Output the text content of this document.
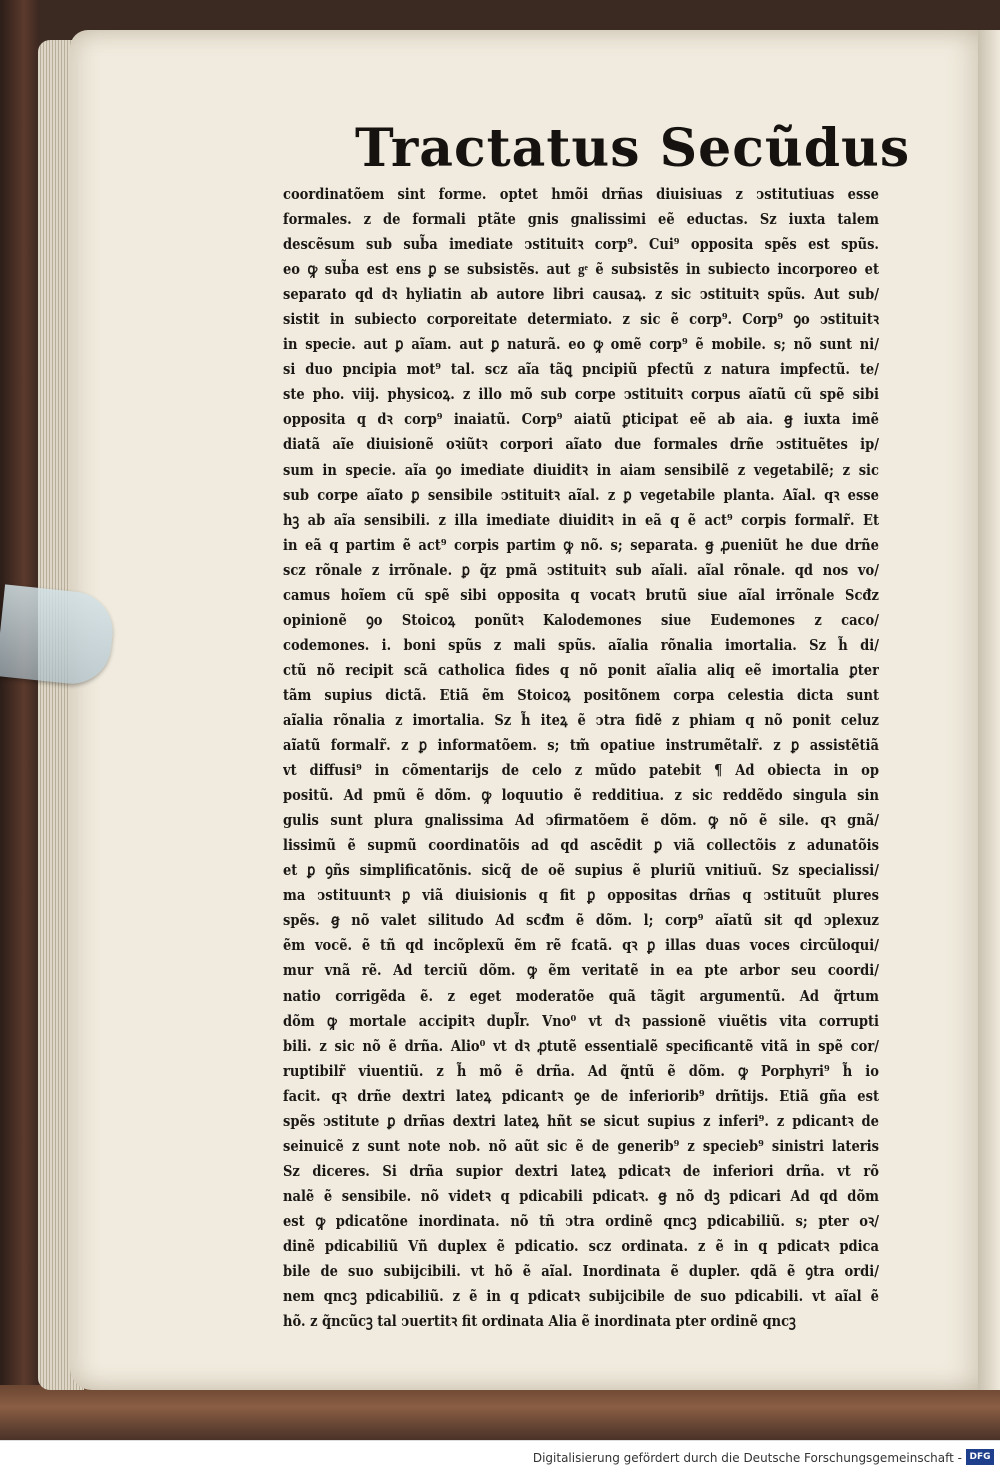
Tractatus Secũdus
coordinatõem sint forme. optet hmõi drñas diuisiuas z ↄstitutiuas esse
formales. z de formali ptãte gnis gnalissimi eẽ eductas. Sz iuxta talem
descẽsum sub sub̃a imediate ↄstituitꝛ corp⁹. Cui⁹ opposita spẽs est spũs.
eo ꝙ sub̃a est ens ꝑ se subsistẽs. aut gͤ ẽ subsistẽs in subiecto incorporeo et
separato qd dꝛ hyliatin ab autore libri causaꝝ. z sic ↄstituitꝛ spũs. Aut sub/
sistit in subiecto corporeitate determiato. z sic ẽ corp⁹. Corp⁹ ꝯo ↄstituitꝛ
in specie. aut ꝑ aĩam. aut ꝑ naturã. eo ꝙ omẽ corp⁹ ẽ mobile. s; nõ sunt ni/
si duo pncipia mot⁹ tal. scz aĩa tãꝗ pncipiũ pfectũ z natura impfectũ. te/
ste pho. viij. physicoꝝ. z illo mõ sub corpe ↄstituitꝛ corpus aĩatũ cũ spẽ sibi
opposita q dꝛ corp⁹ inaiatũ. Corp⁹ aiatũ ꝑticipat eẽ ab aia. ꞡ iuxta imẽ
diatã aĩe diuisionẽ oꝛiũtꝛ corpori aĩato due formales drñe ↄstituẽtes ip/
sum in specie. aĩa ꝯo imediate diuiditꝛ in aiam sensibilẽ z vegetabilẽ; z sic
sub corpe aĩato ꝑ sensibile ↄstituitꝛ aĩal. z ꝑ vegetabile planta. Aĩal. qꝛ esse
hꝫ ab aĩa sensibili. z illa imediate diuiditꝛ in eã q ẽ act⁹ corpis formalr̃. Et
in eã q partim ẽ act⁹ corpis partim ꝙ nõ. s; separata. ꞡ ꝓueniũt he due drñe
scz rõnale z irrõnale. ꝑ q̃z pmã ↄstituitꝛ sub aĩali. aĩal rõnale. qd nos vo/
camus hoĩem cũ spẽ sibi opposita q vocatꝛ brutũ siue aĩal irrõnale Scđz
opinionẽ ꝯo Stoicoꝝ ponũtꝛ Kalodemones siue Eudemones z caco/
codemones. i. boni spũs z mali spũs. aĩalia rõnalia imortalia. Sz h̃ di/
ctũ nõ recipit scã catholica fides q nõ ponit aĩalia aliq eẽ imortalia ꝑter
tãm supius dictã. Etiã ẽm Stoicoꝝ positõnem corpa celestia dicta sunt
aĩalia rõnalia z imortalia. Sz h̃ iteꝝ ẽ ↄtra fidẽ z phiam q nõ ponit celuz
aĩatũ formalr̃. z ꝑ informatõem. s; tm̃ opatiue instrumẽtalr̃. z ꝑ assistẽtiã
vt diffusi⁹ in cõmentarijs de celo z mũdo patebit ¶ Ad obiecta in op
positũ. Ad pmũ ẽ dõm. ꝙ loquutio ẽ redditiua. z sic reddẽdo singula sin
gulis sunt plura gnalissima Ad ↄfirmatõem ẽ dõm. ꝙ nõ ẽ sile. qꝛ gnã/
lissimũ ẽ supmũ coordinatõis ad qd ascẽdit ꝑ viã collectõis z adunatõis
et ꝑ ꝯñs simplificatõnis. sicq̃ de oẽ supius ẽ pluriũ vnitiuũ. Sz specialissi/
ma ↄstituuntꝛ ꝑ viã diuisionis q fit ꝑ oppositas drñas q ↄstituũt plures
spẽs. ꞡ nõ valet silitudo Ad scđm ẽ dõm. l; corp⁹ aĩatũ sit qd ↄplexuz
ẽm vocẽ. ẽ tñ qd incõplexũ ẽm rẽ fcatã. qꝛ ꝑ illas duas voces circũloqui/
mur vnã rẽ. Ad terciũ dõm. ꝙ ẽm veritatẽ in ea pte arbor seu coordi/
natio corrigẽda ẽ. z eget moderatõe quã tãgit argumentũ. Ad q̃rtum
dõm ꝙ mortale accipitꝛ dupl̃r. Vno⁰ vt dꝛ passionẽ viuẽtis vita corrupti
bili. z sic nõ ẽ drña. Alio⁰ vt dꝛ ꝓtutẽ essentialẽ specificantẽ vitã in spẽ cor/
ruptibilr̃ viuentiũ. z h̃ mõ ẽ drña. Ad q̃ntũ ẽ dõm. ꝙ Porphyri⁹ h̃ io
facit. qꝛ drñe dextri lateꝝ pdicantꝛ ꝯe de inferiorib⁹ drñtijs. Etiã gña est
spẽs ↄstitute ꝑ drñas dextri lateꝝ hñt se sicut supius z inferi⁹. z pdicantꝛ de
seinuicẽ z sunt note nob. nõ aũt sic ẽ de generib⁹ z specieb⁹ sinistri lateris
Sz diceres. Si drña supior dextri lateꝝ pdicatꝛ de inferiori drña. vt rõ
nalẽ ẽ sensibile. nõ videtꝛ q pdicabili pdicatꝛ. ꞡ nõ dꝫ pdicari Ad qd dõm
est ꝙ pdicatõne inordinata. nõ tñ ↄtra ordinẽ qncꝫ pdicabiliũ. s; pter oꝛ/
dinẽ pdicabiliũ Vñ duplex ẽ pdicatio. scz ordinata. z ẽ in q pdicatꝛ pdica
bile de suo subijcibili. vt hõ ẽ aĩal. Inordinata ẽ dupler. qdã ẽ ꝯtra ordi/
nem qncꝫ pdicabiliũ. z ẽ in q pdicatꝛ subijcibile de suo pdicabili. vt aĩal ẽ
hõ. z q̃ncũcꝫ tal ↄuertitꝛ fit ordinata Alia ẽ inordinata pter ordinẽ qncꝫ
Digitalisierung gefördert durch die Deutsche Forschungsgemeinschaft - DFG
